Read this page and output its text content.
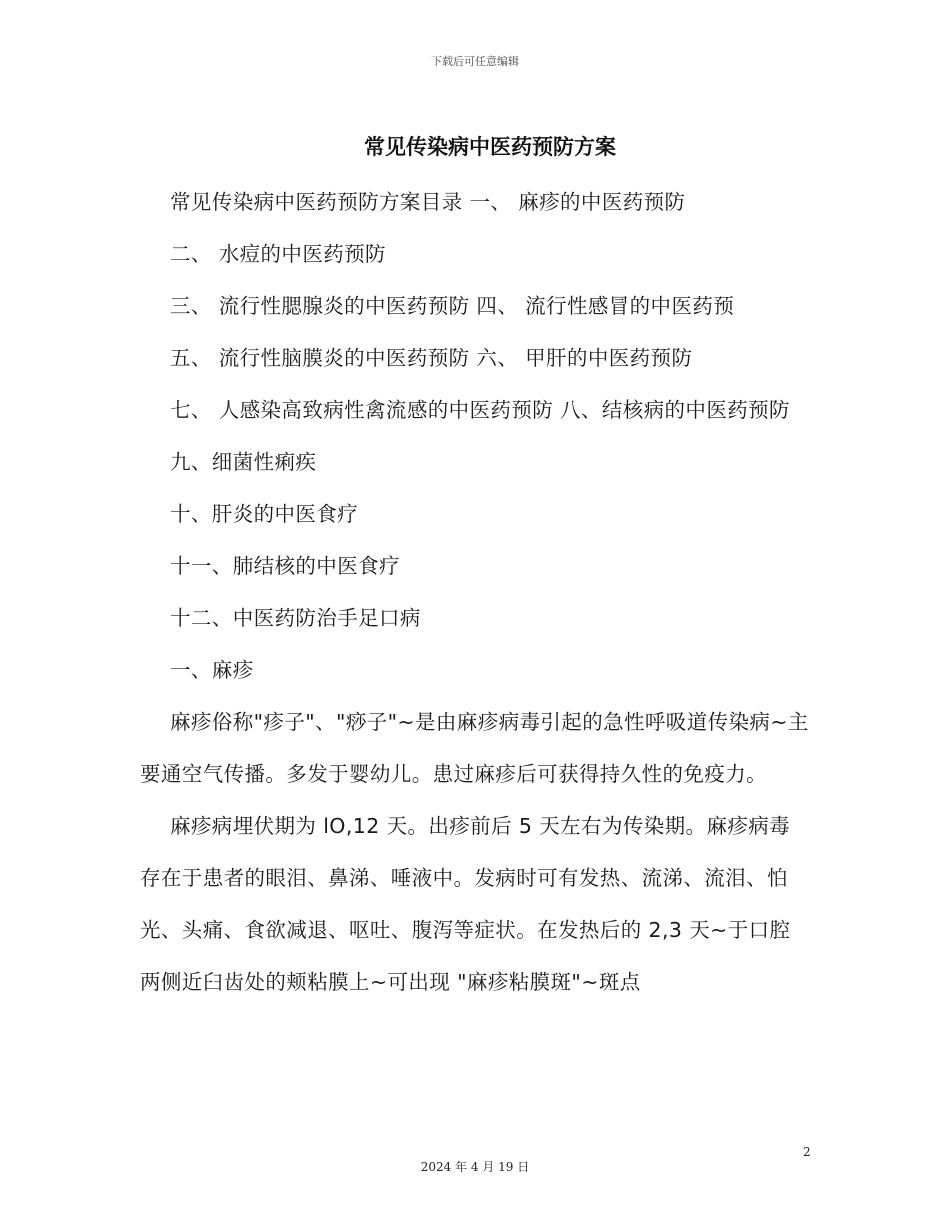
下载后可任意编辑
常见传染病中医药预防方案

常见传染病中医药预防方案目录 一、 麻疹的中医药预防

二、 水痘的中医药预防

三、 流行性腮腺炎的中医药预防 四、 流行性感冒的中医药预

五、 流行性脑膜炎的中医药预防 六、 甲肝的中医药预防

七、 人感染高致病性禽流感的中医药预防 八、结核病的中医药预防

九、细菌性痢疾

十、肝炎的中医食疗

十一、肺结核的中医食疗

十二、中医药防治手足口病

一、麻疹

麻疹俗称"疹子"、"痧子"~是由麻疹病毒引起的急性呼吸道传染病~主要通空气传播。多发于婴幼儿。患过麻疹后可获得持久性的免疫力。

麻疹病埋伏期为 lO,12 天。出疹前后 5 天左右为传染期。麻疹病毒存在于患者的眼泪、鼻涕、唾液中。发病时可有发热、流涕、流泪、怕光、头痛、食欲减退、呕吐、腹泻等症状。在发热后的 2,3 天~于口腔两侧近臼齿处的颊粘膜上~可出现 "麻疹粘膜斑"~斑点

2
2024 年 4 月 19 日
